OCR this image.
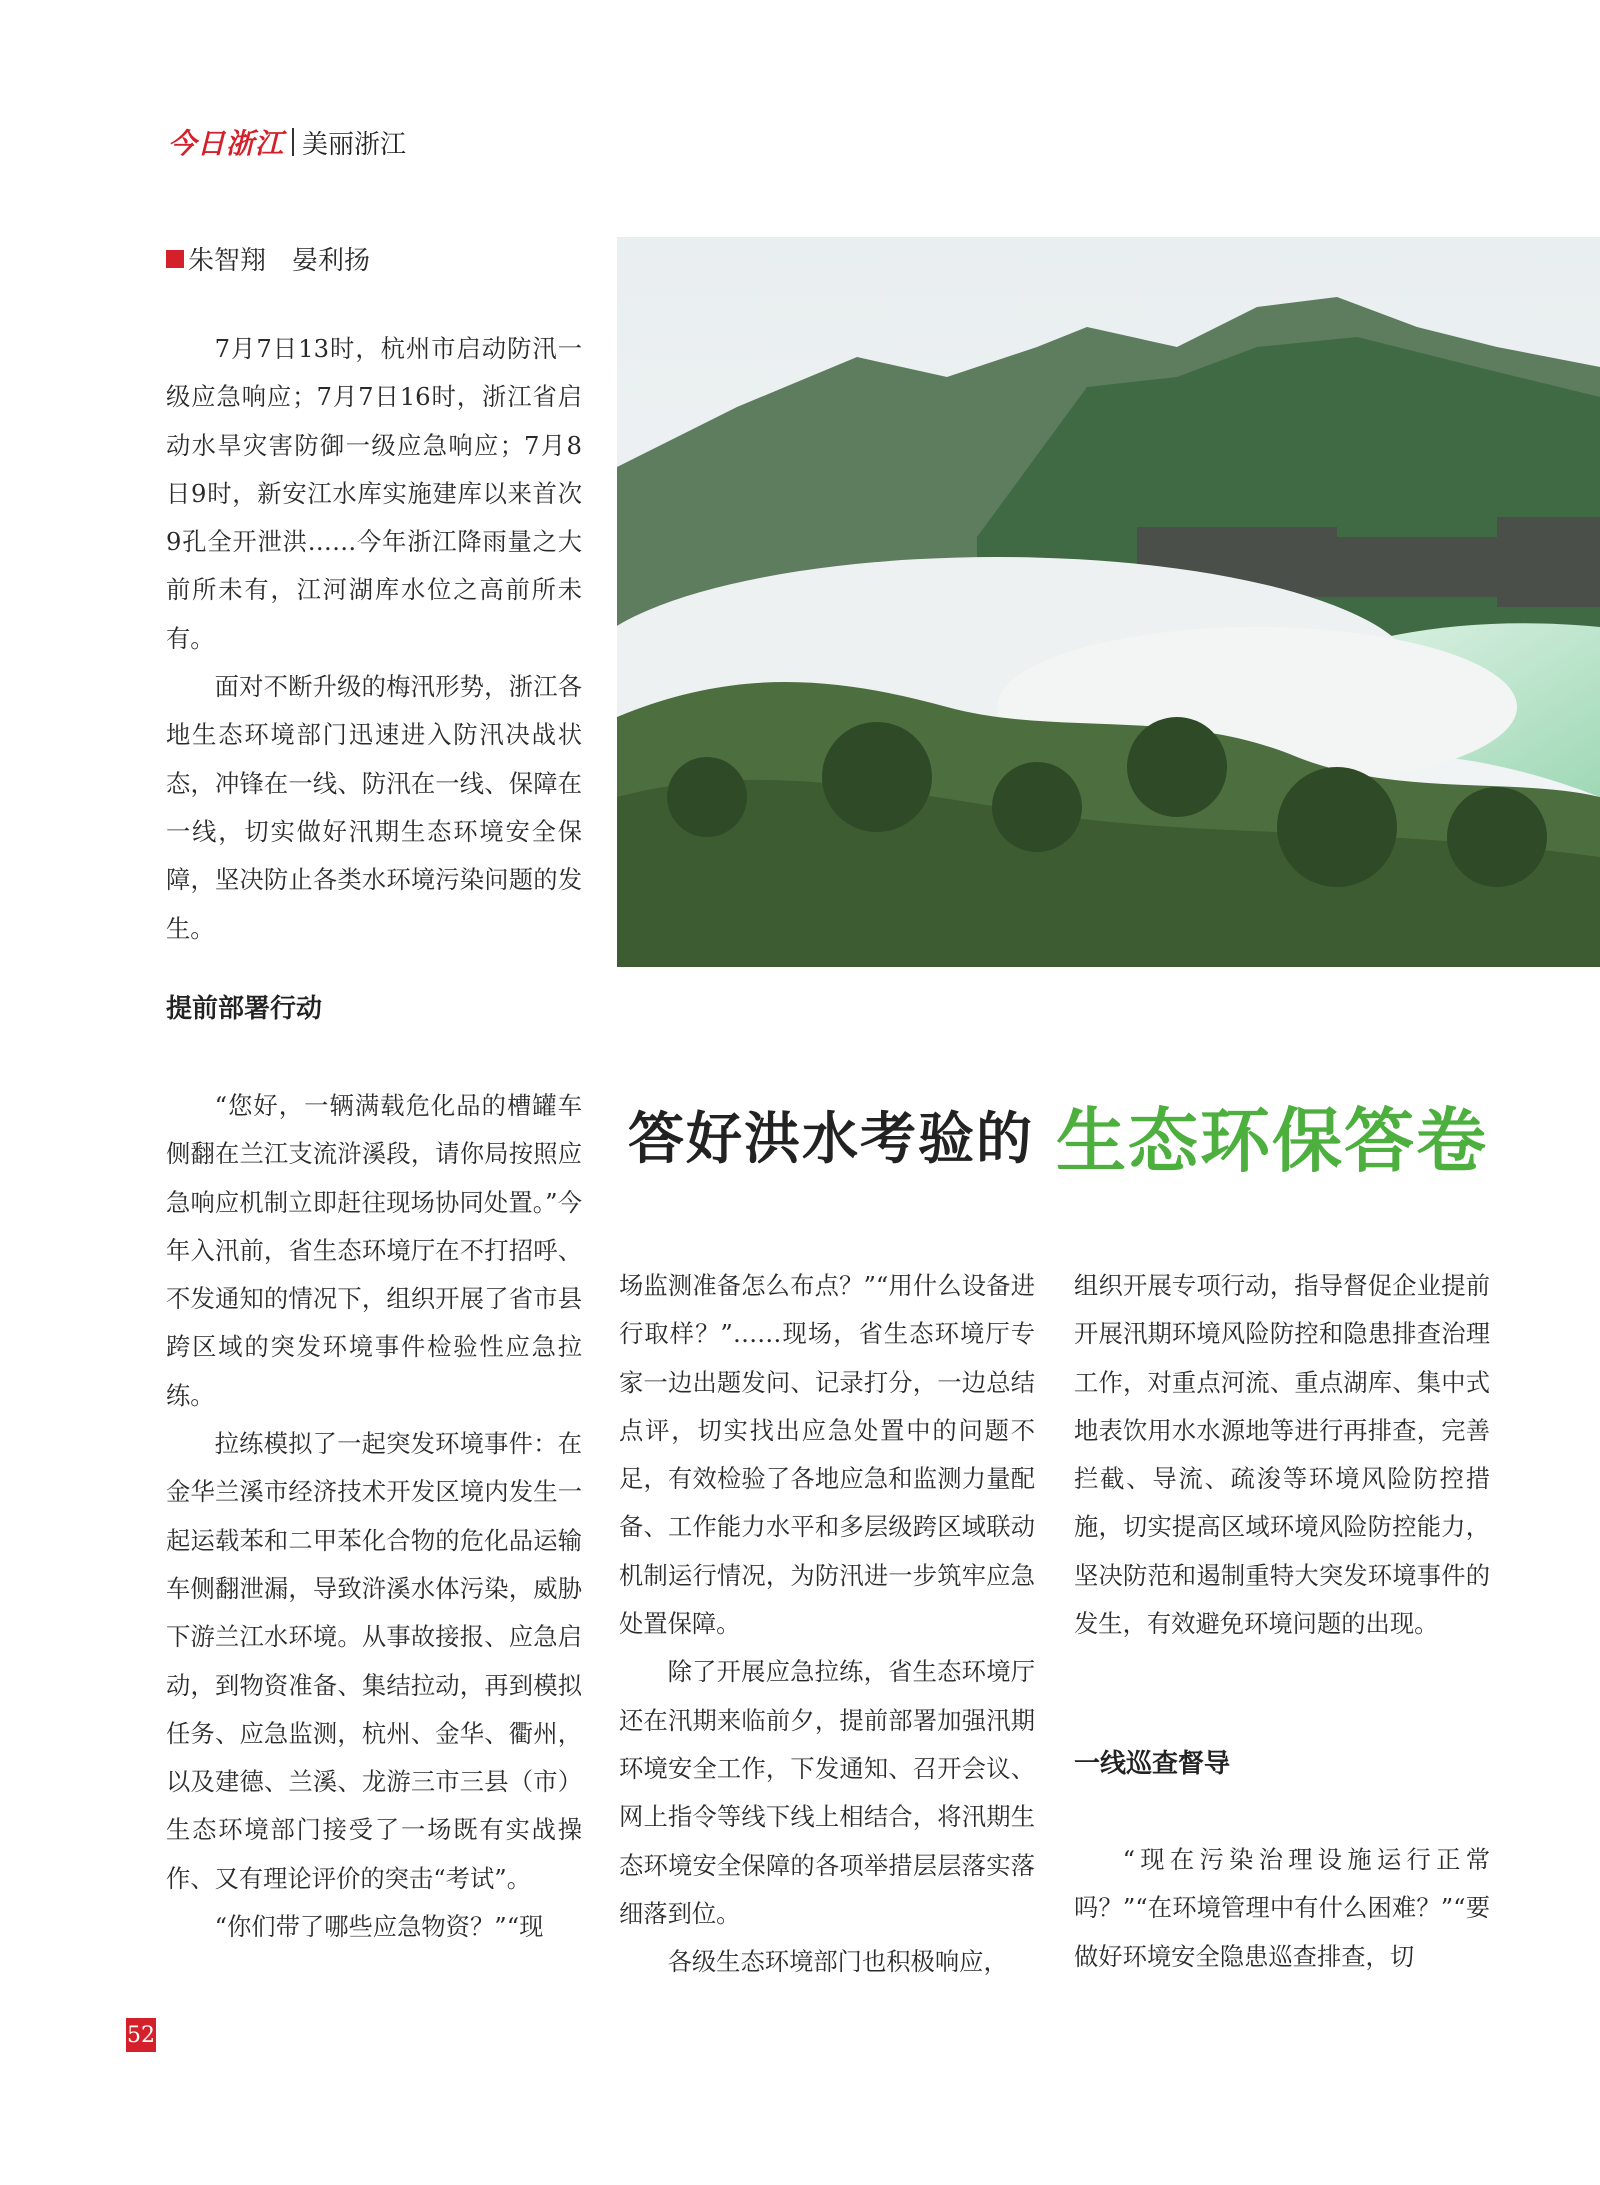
今日浙江 美丽浙江
朱智翔　晏利扬

7月7日13时，杭州市启动防汛一级应急响应；7月7日16时，浙江省启动水旱灾害防御一级应急响应；7月8日9时，新安江水库实施建库以来首次9孔全开泄洪……今年浙江降雨量之大前所未有，江河湖库水位之高前所未有。

面对不断升级的梅汛形势，浙江各地生态环境部门迅速进入防汛决战状态，冲锋在一线、防汛在一线、保障在一线，切实做好汛期生态环境安全保障，坚决防止各类水环境污染问题的发生。

提前部署行动

“您好，一辆满载危化品的槽罐车侧翻在兰江支流浒溪段，请你局按照应急响应机制立即赶往现场协同处置。”今年入汛前，省生态环境厅在不打招呼、不发通知的情况下，组织开展了省市县跨区域的突发环境事件检验性应急拉练。

拉练模拟了一起突发环境事件：在金华兰溪市经济技术开发区境内发生一起运载苯和二甲苯化合物的危化品运输车侧翻泄漏，导致浒溪水体污染，威胁下游兰江水环境。从事故接报、应急启动，到物资准备、集结拉动，再到模拟任务、应急监测，杭州、金华、衢州，以及建德、兰溪、龙游三市三县（市）生态环境部门接受了一场既有实战操作、又有理论评价的突击“考试”。

“你们带了哪些应急物资？”“现

答好洪水考验的 生态环保答卷

场监测准备怎么布点？”“用什么设备进行取样？”……现场，省生态环境厅专家一边出题发问、记录打分，一边总结点评，切实找出应急处置中的问题不足，有效检验了各地应急和监测力量配备、工作能力水平和多层级跨区域联动机制运行情况，为防汛进一步筑牢应急处置保障。

除了开展应急拉练，省生态环境厅还在汛期来临前夕，提前部署加强汛期环境安全工作，下发通知、召开会议、网上指令等线下线上相结合，将汛期生态环境安全保障的各项举措层层落实落细落到位。

各级生态环境部门也积极响应，

组织开展专项行动，指导督促企业提前开展汛期环境风险防控和隐患排查治理工作，对重点河流、重点湖库、集中式地表饮用水水源地等进行再排查，完善拦截、导流、疏浚等环境风险防控措施，切实提高区域环境风险防控能力，坚决防范和遏制重特大突发环境事件的发生，有效避免环境问题的出现。

一线巡查督导

“现在污染治理设施运行正常吗？”“在环境管理中有什么困难？”“要做好环境安全隐患巡查排查，切

52
